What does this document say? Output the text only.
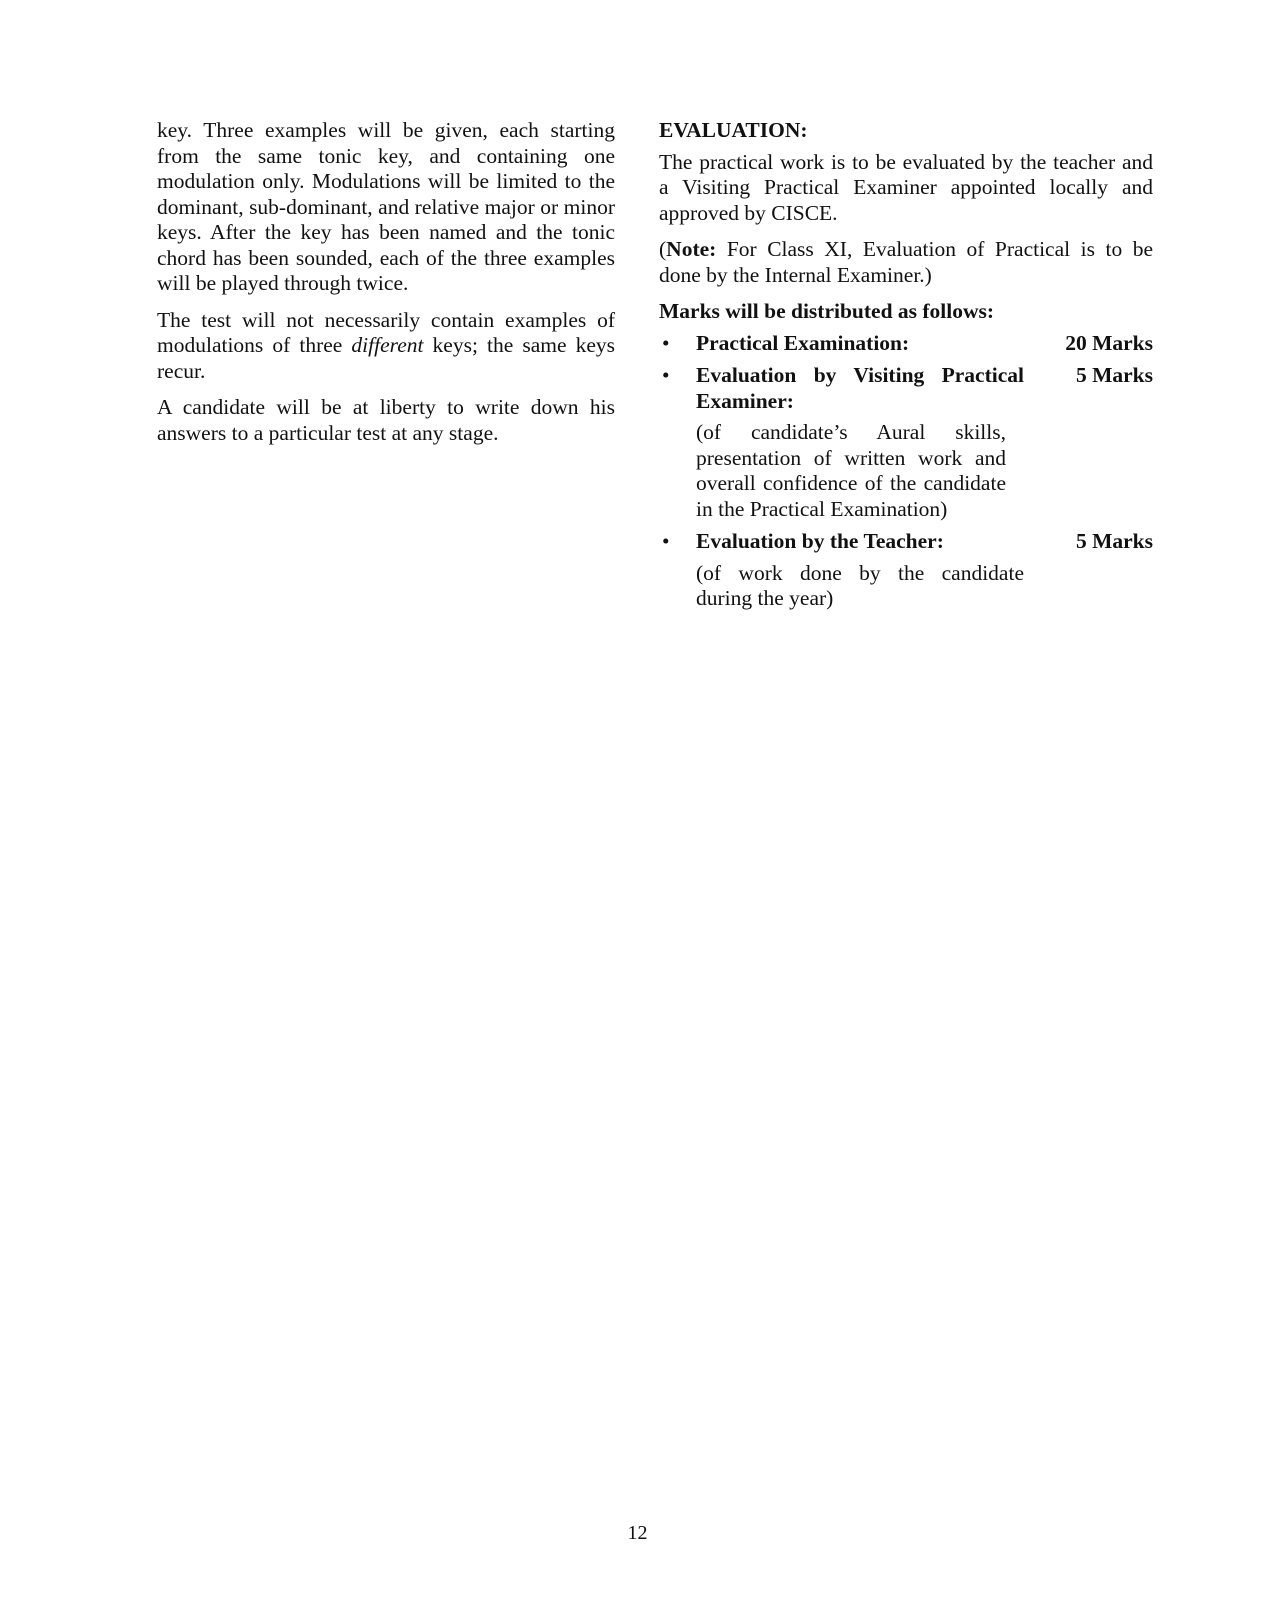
key. Three examples will be given, each starting from the same tonic key, and containing one modulation only. Modulations will be limited to the dominant, sub-dominant, and relative major or minor keys. After the key has been named and the tonic chord has been sounded, each of the three examples will be played through twice.

The test will not necessarily contain examples of modulations of three different keys; the same keys recur.

A candidate will be at liberty to write down his answers to a particular test at any stage.

EVALUATION:

The practical work is to be evaluated by the teacher and a Visiting Practical Examiner appointed locally and approved by CISCE.

(Note: For Class XI, Evaluation of Practical is to be done by the Internal Examiner.)

Marks will be distributed as follows:
• Practical Examination:	20 Marks
• Evaluation by Visiting Practical Examiner:
5 Marks
(of candidate’s Aural skills, presentation of written work and overall confidence of the candidate in the Practical Examination)
• Evaluation by the Teacher:	5 Marks
(of work done by the candidate during the year)
12
